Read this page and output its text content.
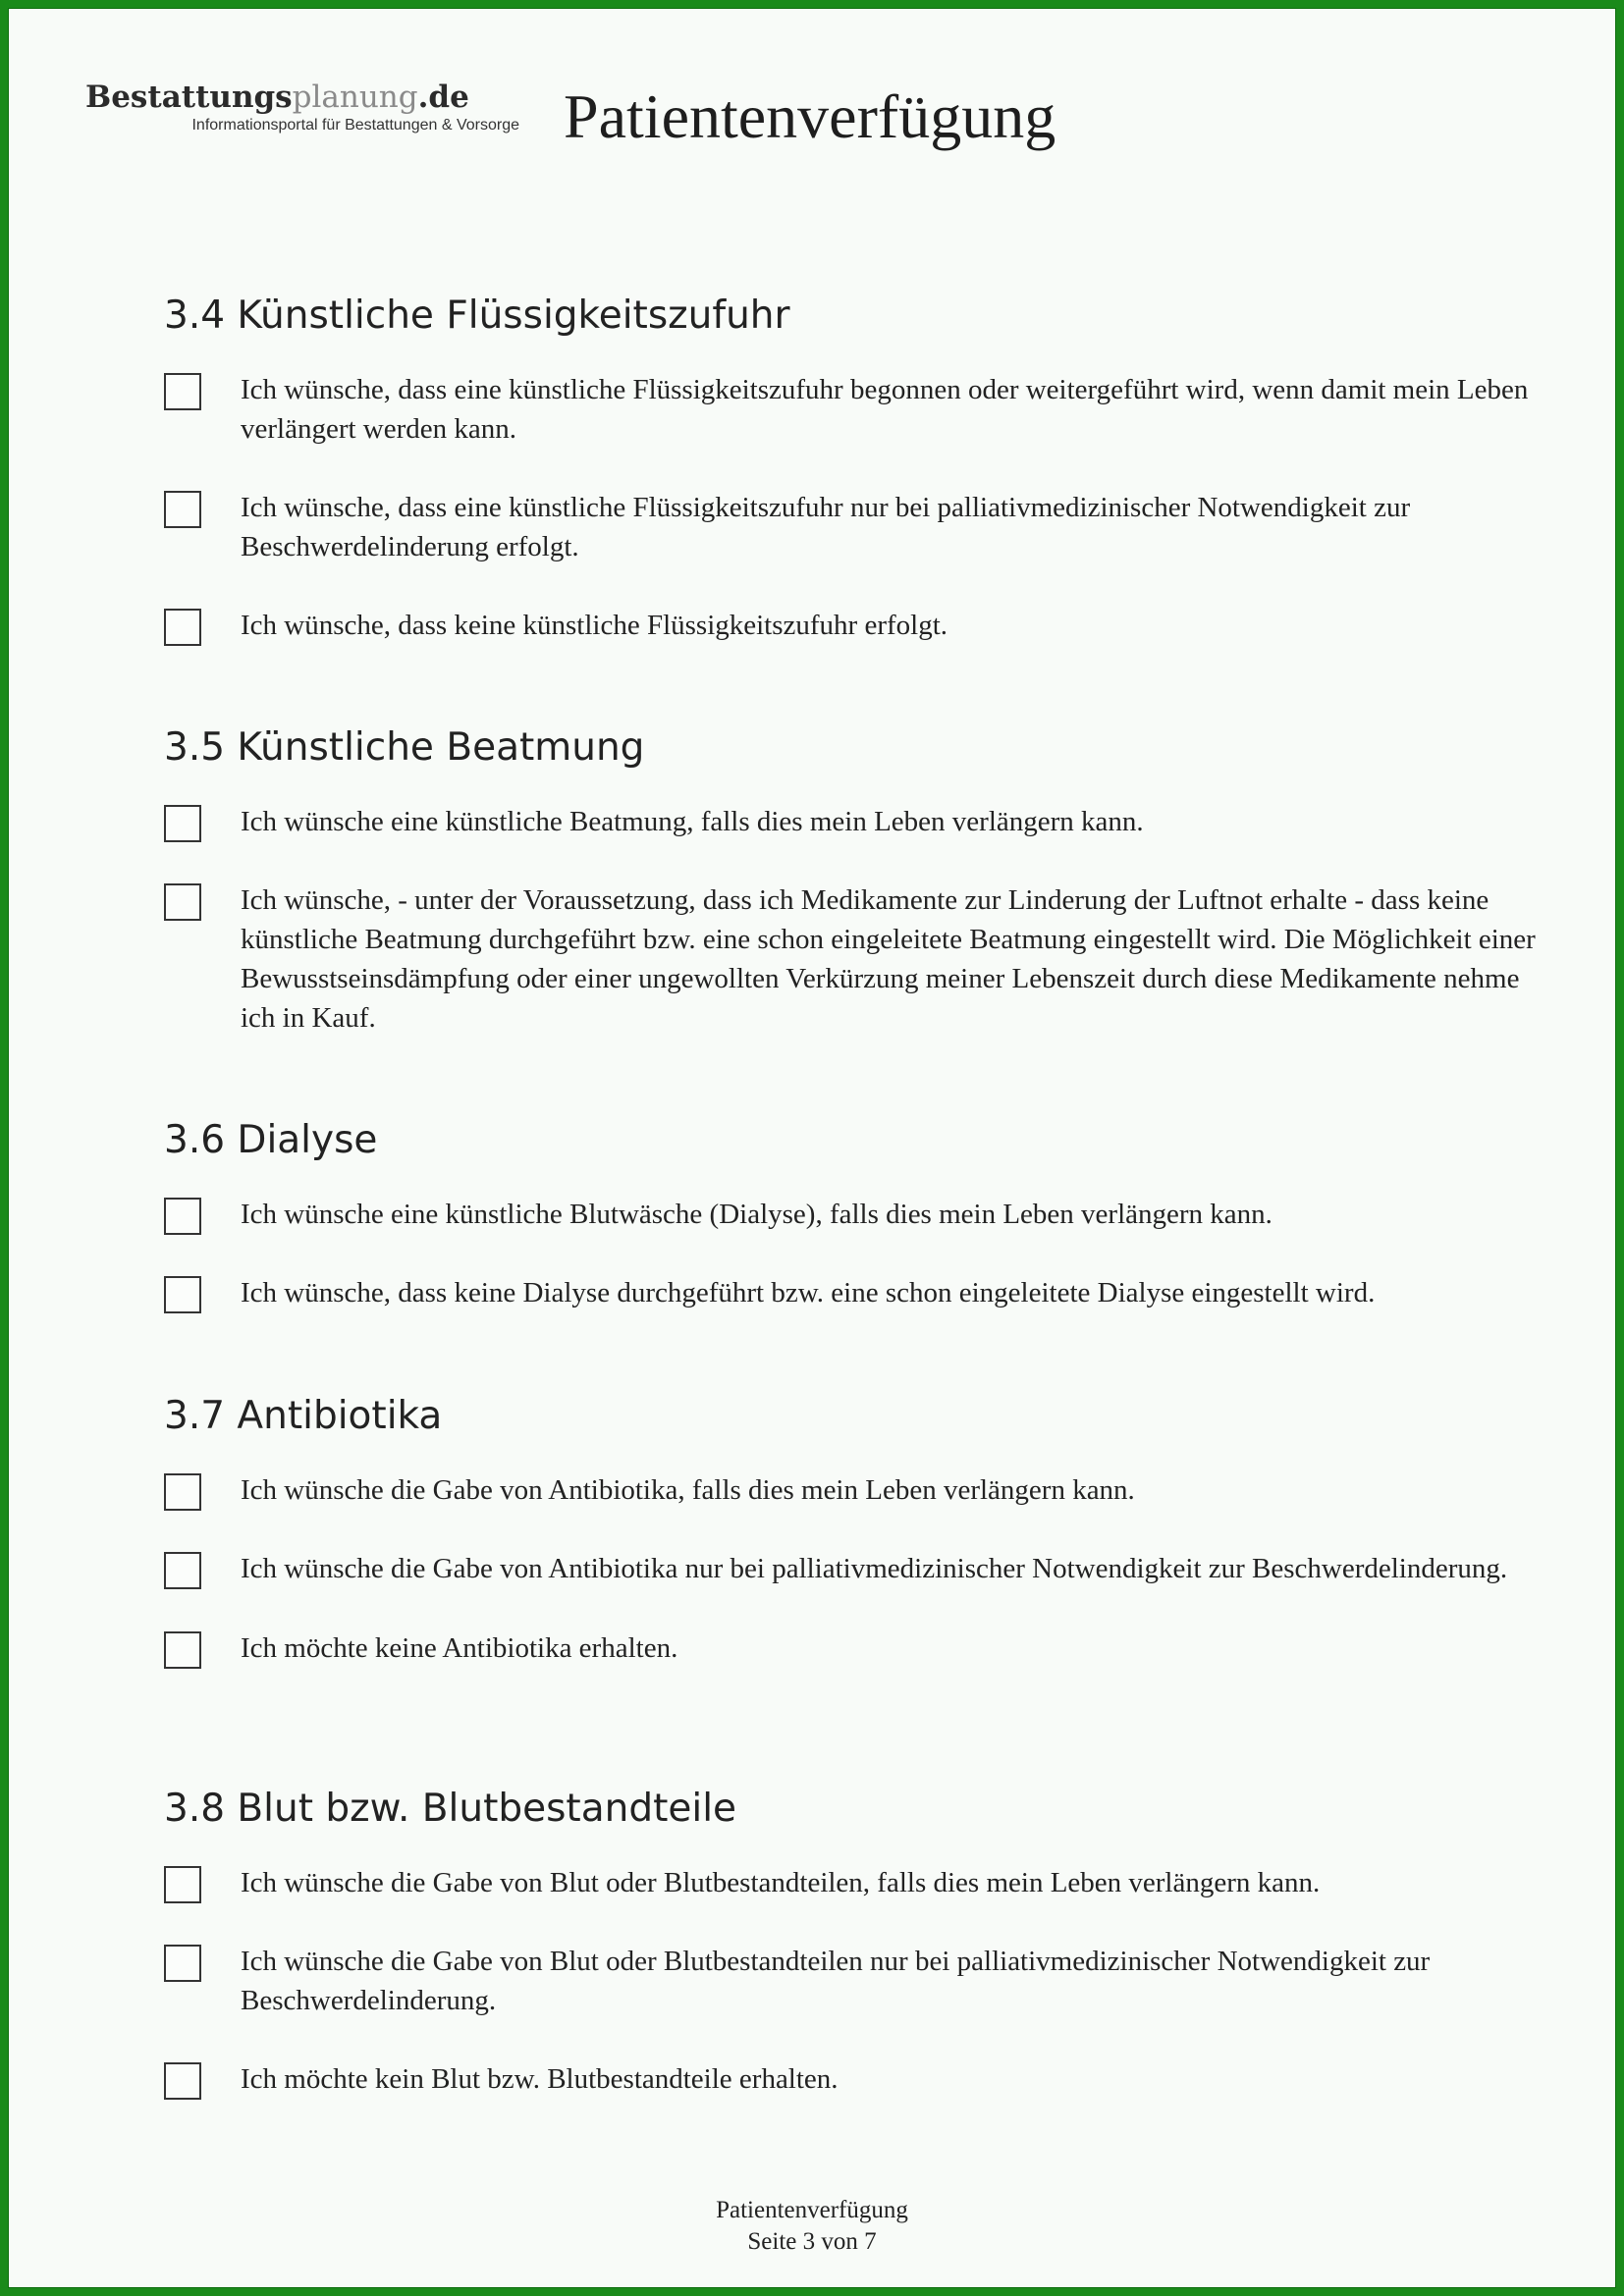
Bestattungsplanung.de
Informationsportal für Bestattungen & Vorsorge Patientenverfügung
3.4 Künstliche Flüssigkeitszufuhr
Ich wünsche, dass eine künstliche Flüssigkeitszufuhr begonnen oder weitergeführt wird, wenn damit mein Leben verlängert werden kann.
Ich wünsche, dass eine künstliche Flüssigkeitszufuhr nur bei palliativmedizinischer Notwendigkeit zur Beschwerdelinderung erfolgt.
Ich wünsche, dass keine künstliche Flüssigkeitszufuhr erfolgt.
3.5 Künstliche Beatmung
Ich wünsche eine künstliche Beatmung, falls dies mein Leben verlängern kann.
Ich wünsche, - unter der Voraussetzung, dass ich Medikamente zur Linderung der Luftnot erhalte - dass keine künstliche Beatmung durchgeführt bzw. eine schon eingeleitete Beatmung eingestellt wird. Die Möglichkeit einer Bewusstseinsdämpfung oder einer ungewollten Verkürzung meiner Lebenszeit durch diese Medikamente nehme ich in Kauf.
3.6 Dialyse
Ich wünsche eine künstliche Blutwäsche (Dialyse), falls dies mein Leben verlängern kann.
Ich wünsche, dass keine Dialyse durchgeführt bzw. eine schon eingeleitete Dialyse eingestellt wird.
3.7 Antibiotika
Ich wünsche die Gabe von Antibiotika, falls dies mein Leben verlängern kann.
Ich wünsche die Gabe von Antibiotika nur bei palliativmedizinischer Notwendigkeit zur Beschwerdelinderung.
Ich möchte keine Antibiotika erhalten.
3.8 Blut bzw. Blutbestandteile
Ich wünsche die Gabe von Blut oder Blutbestandteilen, falls dies mein Leben verlängern kann.
Ich wünsche die Gabe von Blut oder Blutbestandteilen nur bei palliativmedizinischer Notwendigkeit zur Beschwerdelinderung.
Ich möchte kein Blut bzw. Blutbestandteile erhalten.
Patientenverfügung
Seite 3 von 7
